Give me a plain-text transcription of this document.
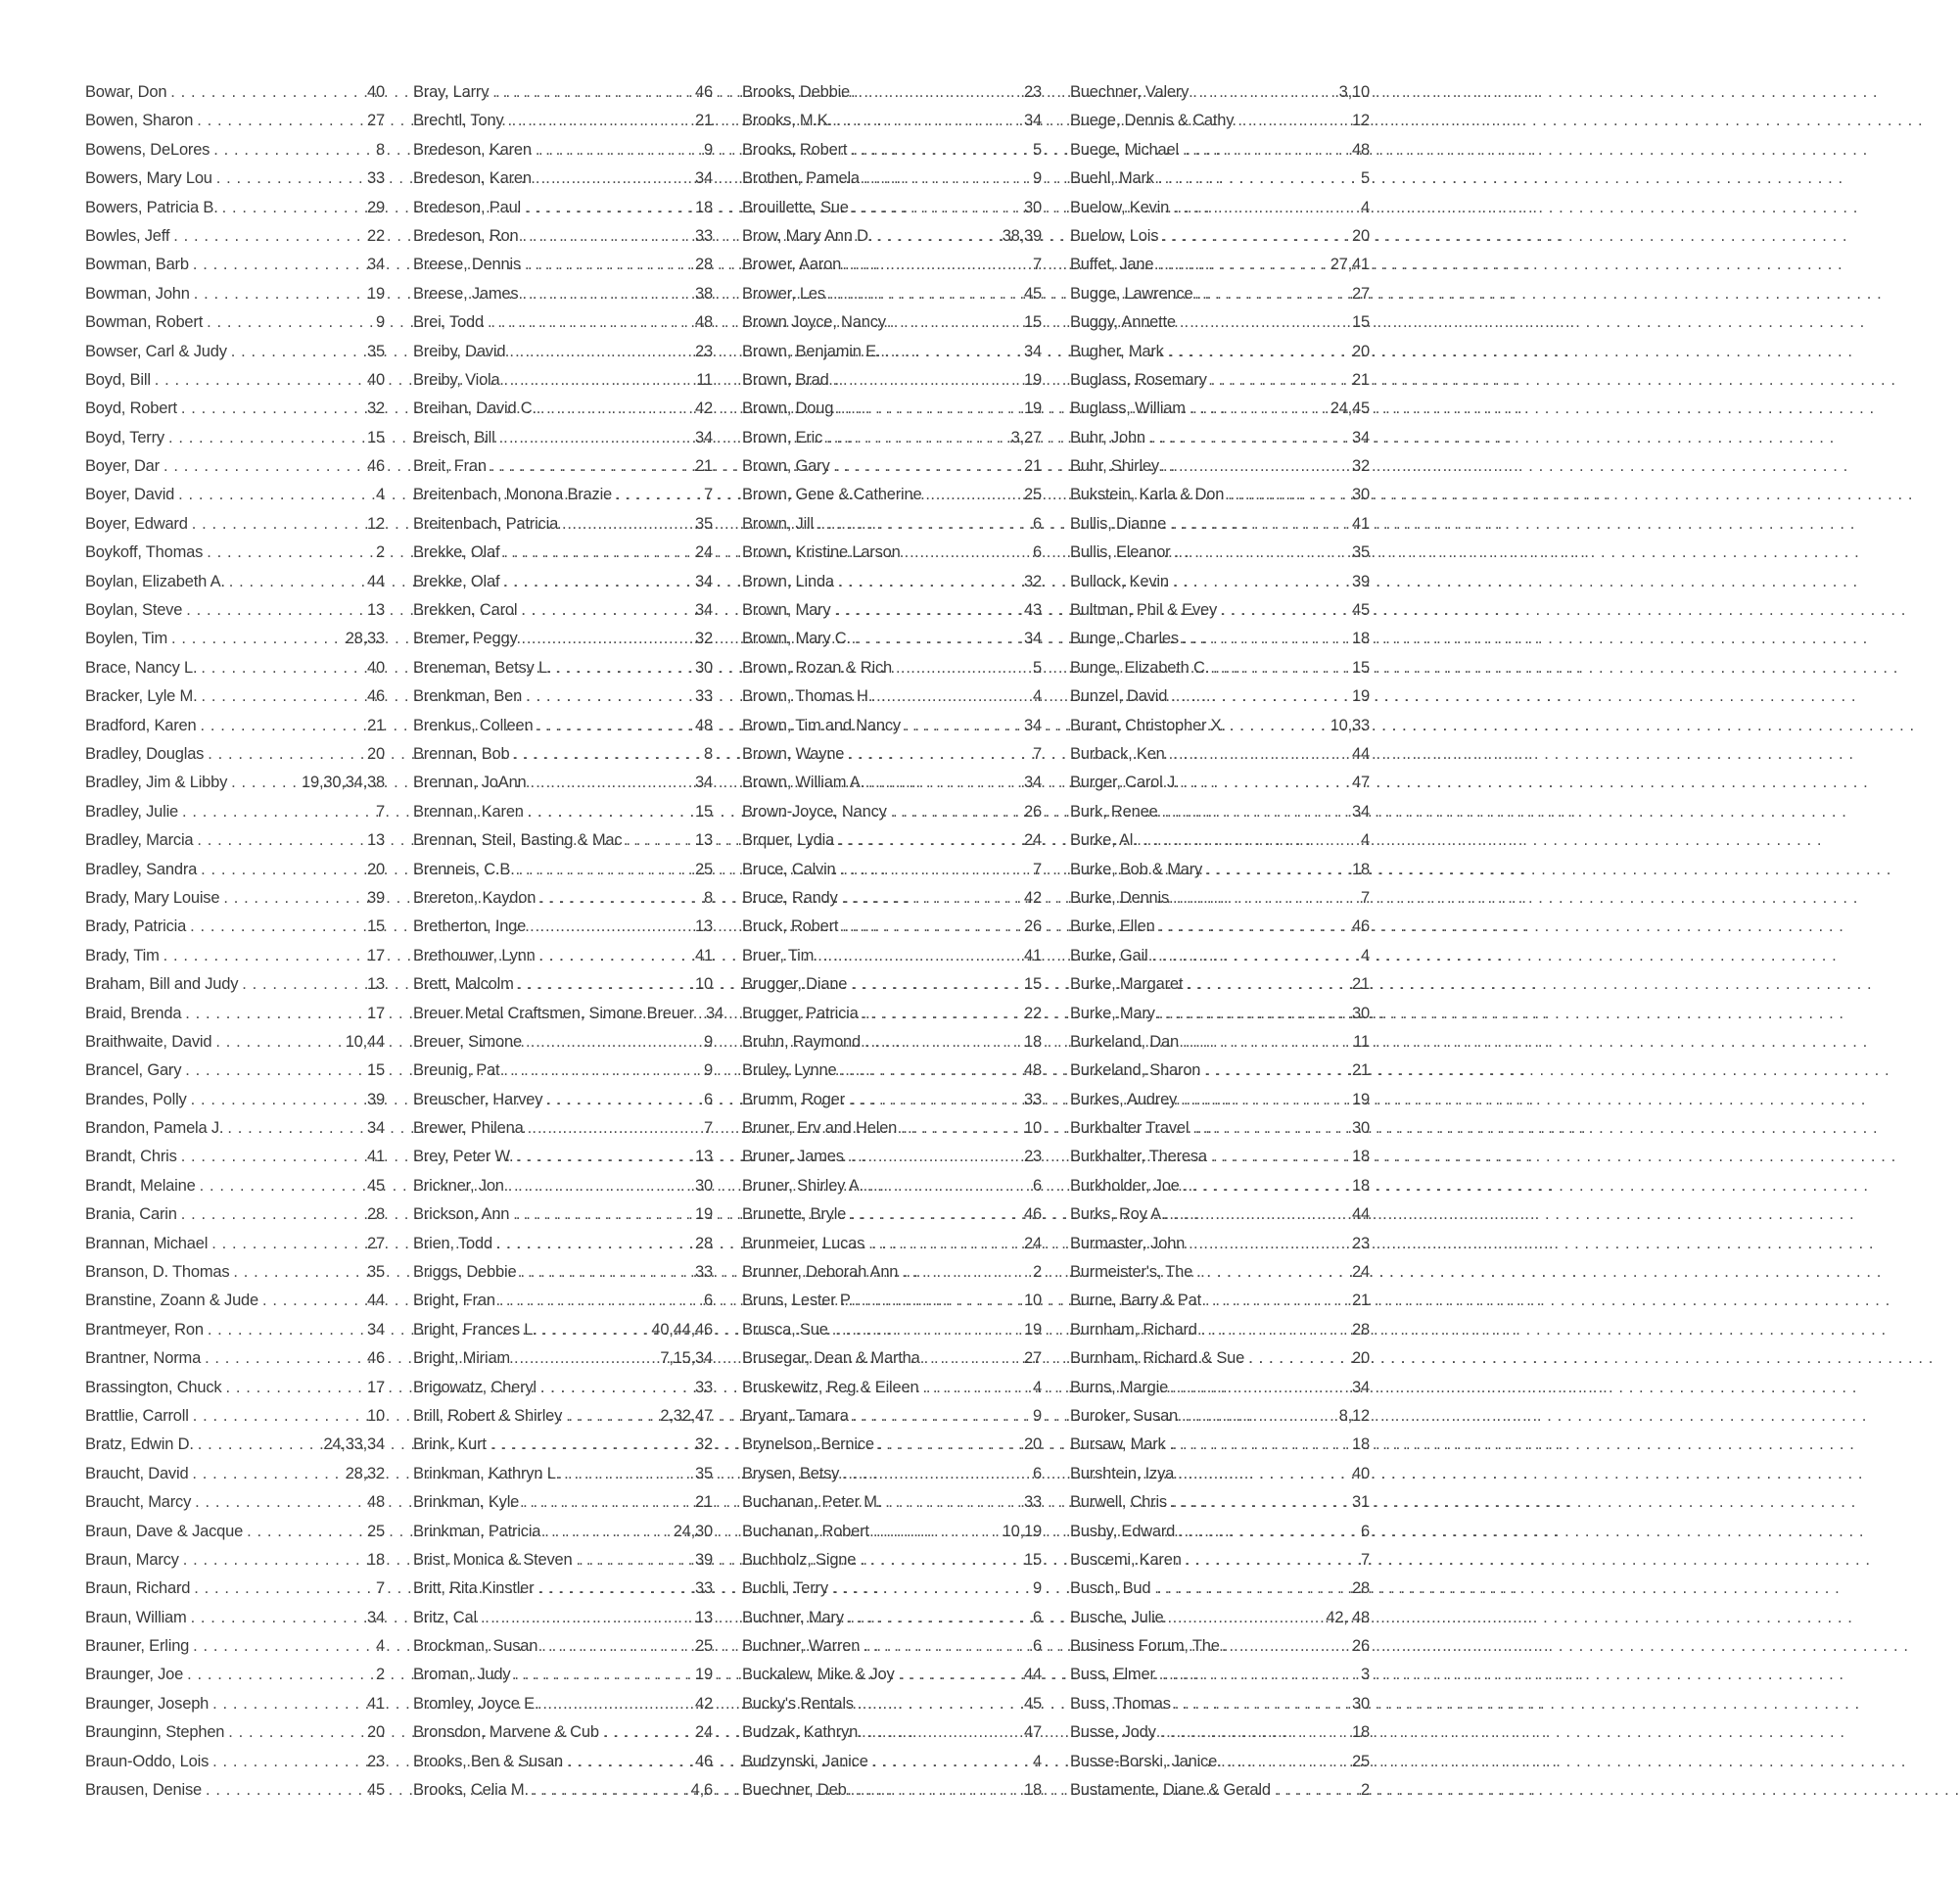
Bowar, Don . . .	40
Bowen, Sharon . . .	27
Bowens, DeLores . . .	8
Bowers, Mary Lou . . .	33
Bowers, Patricia B. . . .	29
Bowles, Jeff . . .	22
Bowman, Barb . . .	34
Bowman, John . . .	19
Bowman, Robert . . .	9
Bowser, Carl & Judy . . .	35
Boyd, Bill . . .	40
Boyd, Robert . . .	32
Boyd, Terry . . .	15
Boyer, Dar . . .	46
Boyer, David . . .	4
Boyer, Edward . . .	12
Boykoff, Thomas . . .	2
Boylan, Elizabeth A. . . .	44
Boylan, Steve . . .	13
Boylen, Tim . . .	28,33
Brace, Nancy L. . . .	40
Bracker, Lyle M. . . .	46
Bradford, Karen . . .	21
Bradley, Douglas . . .	20
Bradley, Jim & Libby . . .	19,30,34,38
Bradley, Julie . . .	7
Bradley, Marcia . . .	13
Bradley, Sandra . . .	20
Brady, Mary Louise . . .	39
Brady, Patricia . . .	15
Brady, Tim . . .	17
Braham, Bill and Judy . . .	13
Braid, Brenda . . .	17
Braithwaite, David . . .	10,44
Brancel, Gary . . .	15
Brandes, Polly . . .	39
Brandon, Pamela J. . . .	34
Brandt, Chris . . .	41
Brandt, Melaine . . .	45
Brania, Carin . . .	28
Brannan, Michael . . .	27
Branson, D. Thomas . . .	35
Branstine, Zoann & Jude . . .	44
Brantmeyer, Ron . . .	34
Brantner, Norma . . .	46
Brassington, Chuck . . .	17
Brattlie, Carroll . . .	10
Bratz, Edwin D. . . .	24,33,34
Braucht, David . . .	28,32
Braucht, Marcy . . .	48
Braun, Dave & Jacque . . .	25
Braun, Marcy . . .	18
Braun, Richard . . .	7
Braun, William . . .	34
Brauner, Erling . . .	4
Braunger, Joe . . .	2
Braunger, Joseph . . .	41
Braunginn, Stephen . . .	20
Braun-Oddo, Lois . . .	23
Brausen, Denise . . .	45
Bray, Larry . . .	46
Brechtl, Tony . . .	21
Bredeson, Karen . . .	9
Bredeson, Karen . . .	34
Bredeson, Paul . . .	18
Bredeson, Ron . . .	33
Breese, Dennis . . .	28
Breese, James . . .	38
Brei, Todd . . .	48
Breiby, David . . .	23
Breiby, Viola . . .	11
Breihan, David C. . . .	42
Breisch, Bill . . .	34
Breit, Fran . . .	21
Breitenbach, Monona Brazie . . .	7
Breitenbach, Patricia . . .	35
Brekke, Olaf . . .	24
Brekke, Olaf . . .	34
Brekken, Carol . . .	34
Bremer, Peggy . . .	32
Breneman, Betsy L. . . .	30
Brenkman, Ben . . .	33
Brenkus, Colleen . . .	48
Brennan, Bob . . .	8
Brennan, JoAnn . . .	34
Brennan, Karen . . .	15
Brennan, Steil, Basting & Mac . . .	13
Brenneis, C.B. . . .	25
Brereton, Kaydon . . .	8
Bretherton, Inge . . .	13
Brethouwer, Lynn . . .	41
Brett, Malcolm . . .	10
Breuer Metal Craftsmen, Simone Breuer . . . 34
Breuer, Simone . . .	9
Breunig, Pat . . .	9
Breuscher, Harvey . . .	6
Brewer, Philena . . .	7
Brey, Peter W. . . .	13
Brickner, Jon . . .	30
Brickson, Ann . . .	19
Brien, Todd . . .	28
Briggs, Debbie . . .	33
Bright, Fran . . .	6
Bright, Frances L. . . .	40,44,46
Bright, Miriam . . .	7,15,34
Brigowatz, Cheryl . . .	33
Brill, Robert & Shirley . . .	2,32,47
Brink, Kurt . . .	32
Brinkman, Kathryn L. . . .	35
Brinkman, Kyle . . .	21
Brinkman, Patricia . . .	24,30
Brist, Monica & Steven . . .	39
Britt, Rita Kinstler . . .	33
Britz, Cal . . .	13
Brockman, Susan . . .	25
Broman, Judy . . .	19
Bromley, Joyce E. . . .	42
Bronsdon, Marvene & Cub . . .	24
Brooks, Ben & Susan . . .	46
Brooks, Celia M. . . .	4,6
Brooks, Debbie . . .	23
Brooks, M.K. . . .	34
Brooks, Robert . . .	5
Brothen, Pamela . . .	9
Brouillette, Sue . . .	30
Brow, Mary Ann D. . . .	38,39
Brower, Aaron . . .	7
Brower, Les . . .	45
Brown Joyce, Nancy . . .	15
Brown, Benjamin E. . . .	34
Brown, Brad . . .	19
Brown, Doug . . .	19
Brown, Eric . . .	3,27
Brown, Gary . . .	21
Brown, Gene & Catherine . . .	25
Brown, Jill . . .	6
Brown, Kristine Larson . . .	6
Brown, Linda . . .	32
Brown, Mary . . .	43
Brown, Mary C. . . .	34
Brown, Rozan & Rich . . .	5
Brown, Thomas H. . . .	4
Brown, Tim and Nancy . . .	34
Brown, Wayne . . .	7
Brown, William A. . . .	34
Brown-Joyce, Nancy . . .	26
Brquer, Lydia . . .	24
Bruce, Calvin . . .	7
Bruce, Randy . . .	42
Bruck, Robert . . .	26
Bruer, Tim . . .	41
Brugger, Diane . . .	15
Brugger, Patricia . . .	22
Bruhn, Raymond . . .	18
Bruley, Lynne . . .	48
Brumm, Roger . . .	33
Bruner, Erv and Helen . . .	10
Bruner, James . . .	23
Bruner, Shirley A. . . .	6
Brunette, Bryle . . .	46
Brunmeier, Lucas . . .	24
Brunner, Deborah Ann . . .	2
Bruns, Lester P. . . .	10
Brusca, Sue . . .	19
Brusegar, Dean & Martha . . .	27
Bruskewitz, Reg & Eileen . . .	4
Bryant, Tamara . . .	9
Brynelson, Bernice . . .	20
Brysen, Betsy . . .	6
Buchanan, Peter M. . . .	33
Buchanan, Robert . . .	10,19
Buchholz, Signe . . .	15
Buchli, Terry . . .	9
Buchner, Mary . . .	6
Buchner, Warren . . .	6
Buckalew, Mike & Joy . . .	44
Bucky's Rentals . . .	45
Budzak, Kathryn . . .	47
Budzynski, Janice . . .	4
Buechner, Deb . . .	18
Buechner, Valery . . .	3,10
Buege, Dennis & Cathy . . .	12
Buege, Michael . . .	48
Buehl, Mark . . .	5
Buelow, Kevin . . .	4
Buelow, Lois . . .	20
Buffet, Jane . . .	27,41
Bugge, Lawrence . . .	27
Buggy, Annette . . .	15
Bugher, Mark . . .	20
Buglass, Rosemary . . .	21
Buglass, William . . .	24,45
Buhr, John . . .	34
Buhr, Shirley . . .	32
Bukstein, Karla & Don . . .	30
Bullis, Dianne . . .	41
Bullis, Eleanor . . .	35
Bullock, Kevin . . .	39
Bultman, Phil & Evey . . .	45
Bunge, Charles . . .	18
Bunge, Elizabeth C. . . .	15
Bunzel, David . . .	19
Burant, Christopher X. . . .	10,33
Burback, Ken . . .	44
Burger, Carol J. . . .	47
Burk, Renee . . .	34
Burke, Al . . .	4
Burke, Bob & Mary . . .	18
Burke, Dennis . . .	7
Burke, Ellen . . .	46
Burke, Gail . . .	4
Burke, Margaret . . .	21
Burke, Mary . . .	30
Burkeland, Dan . . .	11
Burkeland, Sharon . . .	21
Burkes, Audrey . . .	19
Burkhalter Travel . . .	30
Burkhalter, Theresa . . .	18
Burkholder, Joe . . .	18
Burks, Roy A. . . .	44
Burmaster, John . . .	23
Burmeister's, The . . .	24
Burne, Barry & Pat . . .	21
Burnham, Richard . . .	28
Burnham, Richard & Sue . . .	20
Burns, Margie . . .	34
Buroker, Susan . . .	8,12
Bursaw, Mark . . .	18
Burshtein, Izya . . .	40
Burwell, Chris . . .	31
Busby, Edward . . .	6
Buscemi, Karen . . .	7
Busch, Bud . . .	28
Busche, Julie . . .	42, 48
Business Forum, The . . .	26
Buss, Elmer . . .	3
Buss, Thomas . . .	30
Busse, Jody . . .	18
Busse-Borski, Janice . . .	25
Bustamente, Diane & Gerald . . .	2
